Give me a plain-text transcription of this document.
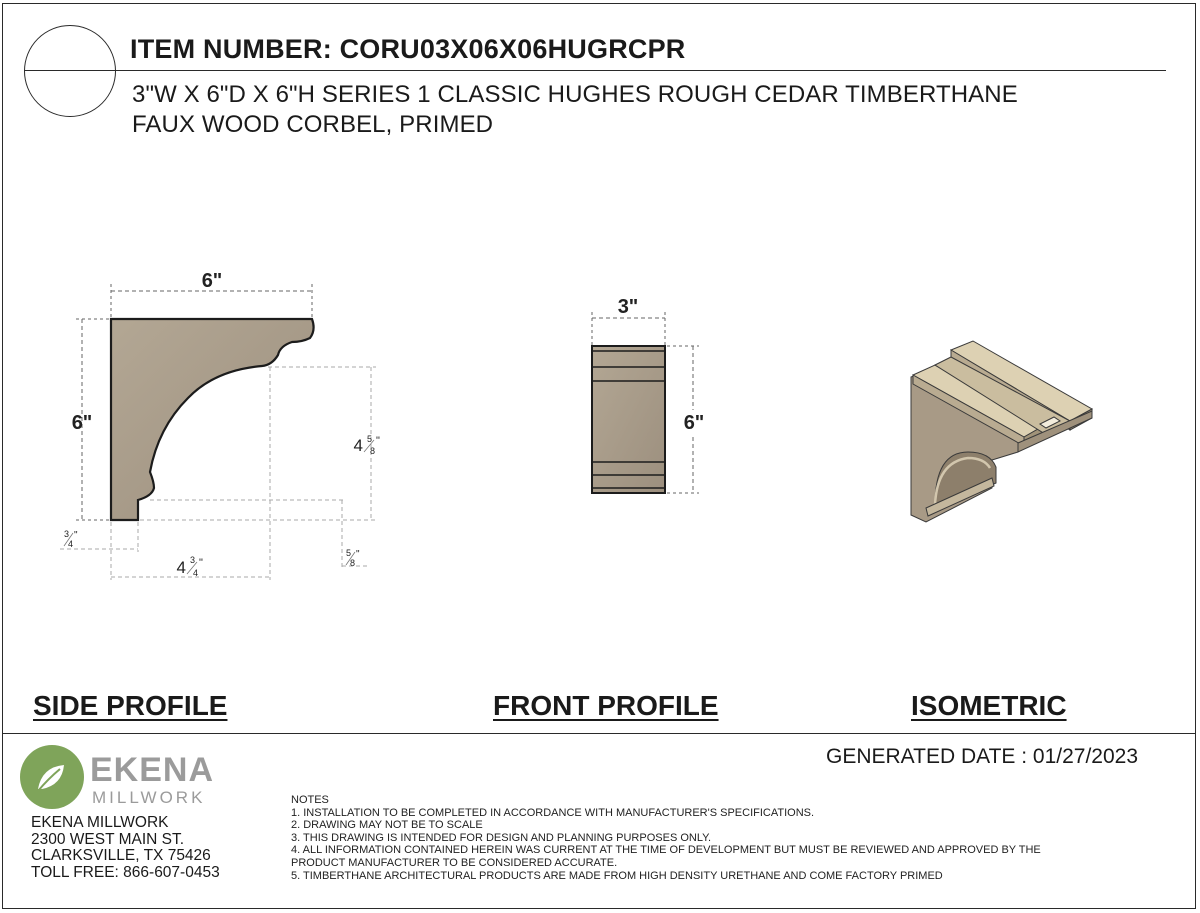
ITEM NUMBER: CORU03X06X06HUGRCPR
3"W X 6"D X 6"H SERIES 1 CLASSIC HUGHES ROUGH CEDAR TIMBERTHANE
FAUX WOOD CORBEL, PRIMED
6"
6"
4 5
8
"
4 3
4
"
3
4
"
5
8
"
3"
6"
SIDE PROFILE	FRONT PROFILE	ISOMETRIC
GENERATED DATE : 01/27/2023
EKENA
MILLWORK
EKENA MILLWORK
2300 WEST MAIN ST.
CLARKSVILLE, TX 75426
TOLL FREE: 866-607-0453
NOTES
1. INSTALLATION TO BE COMPLETED IN ACCORDANCE WITH MANUFACTURER'S SPECIFICATIONS.
2. DRAWING MAY NOT BE TO SCALE
3. THIS DRAWING IS INTENDED FOR DESIGN AND PLANNING PURPOSES ONLY.
4. ALL INFORMATION CONTAINED HEREIN WAS CURRENT AT THE TIME OF DEVELOPMENT BUT MUST BE REVIEWED AND APPROVED BY THE
PRODUCT MANUFACTURER TO BE CONSIDERED ACCURATE.
5. TIMBERTHANE ARCHITECTURAL PRODUCTS ARE MADE FROM HIGH DENSITY URETHANE AND COME FACTORY PRIMED
